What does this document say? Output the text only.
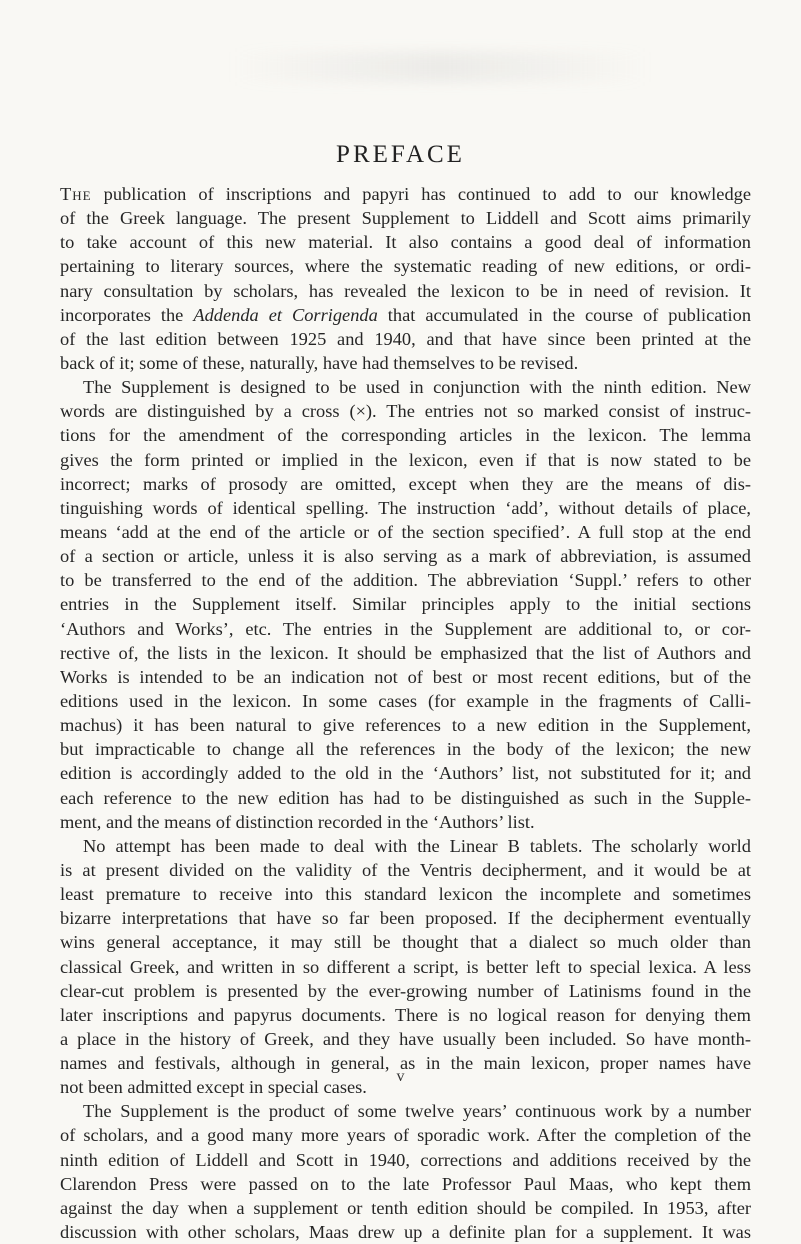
PREFACE

The publication of inscriptions and papyri has continued to add to our knowledge
of the Greek language. The present Supplement to Liddell and Scott aims primarily
to take account of this new material. It also contains a good deal of information
pertaining to literary sources, where the systematic reading of new editions, or ordi-
nary consultation by scholars, has revealed the lexicon to be in need of revision. It
incorporates the Addenda et Corrigenda that accumulated in the course of publication
of the last edition between 1925 and 1940, and that have since been printed at the
back of it; some of these, naturally, have had themselves to be revised.

The Supplement is designed to be used in conjunction with the ninth edition. New
words are distinguished by a cross (×). The entries not so marked consist of instruc-
tions for the amendment of the corresponding articles in the lexicon. The lemma
gives the form printed or implied in the lexicon, even if that is now stated to be
incorrect; marks of prosody are omitted, except when they are the means of dis-
tinguishing words of identical spelling. The instruction ‘add’, without details of place,
means ‘add at the end of the article or of the section specified’. A full stop at the end
of a section or article, unless it is also serving as a mark of abbreviation, is assumed
to be transferred to the end of the addition. The abbreviation ‘Suppl.’ refers to other
entries in the Supplement itself. Similar principles apply to the initial sections
‘Authors and Works’, etc. The entries in the Supplement are additional to, or cor-
rective of, the lists in the lexicon. It should be emphasized that the list of Authors and
Works is intended to be an indication not of best or most recent editions, but of the
editions used in the lexicon. In some cases (for example in the fragments of Calli-
machus) it has been natural to give references to a new edition in the Supplement,
but impracticable to change all the references in the body of the lexicon; the new
edition is accordingly added to the old in the ‘Authors’ list, not substituted for it; and
each reference to the new edition has had to be distinguished as such in the Supple-
ment, and the means of distinction recorded in the ‘Authors’ list.

No attempt has been made to deal with the Linear B tablets. The scholarly world
is at present divided on the validity of the Ventris decipherment, and it would be at
least premature to receive into this standard lexicon the incomplete and sometimes
bizarre interpretations that have so far been proposed. If the decipherment eventually
wins general acceptance, it may still be thought that a dialect so much older than
classical Greek, and written in so different a script, is better left to special lexica. A less
clear-cut problem is presented by the ever-growing number of Latinisms found in the
later inscriptions and papyrus documents. There is no logical reason for denying them
a place in the history of Greek, and they have usually been included. So have month-
names and festivals, although in general, as in the main lexicon, proper names have
not been admitted except in special cases.

The Supplement is the product of some twelve years’ continuous work by a number
of scholars, and a good many more years of sporadic work. After the completion of the
ninth edition of Liddell and Scott in 1940, corrections and additions received by the
Clarendon Press were passed on to the late Professor Paul Maas, who kept them
against the day when a supplement or tenth edition should be compiled. In 1953, after
discussion with other scholars, Maas drew up a definite plan for a supplement. It was

v
